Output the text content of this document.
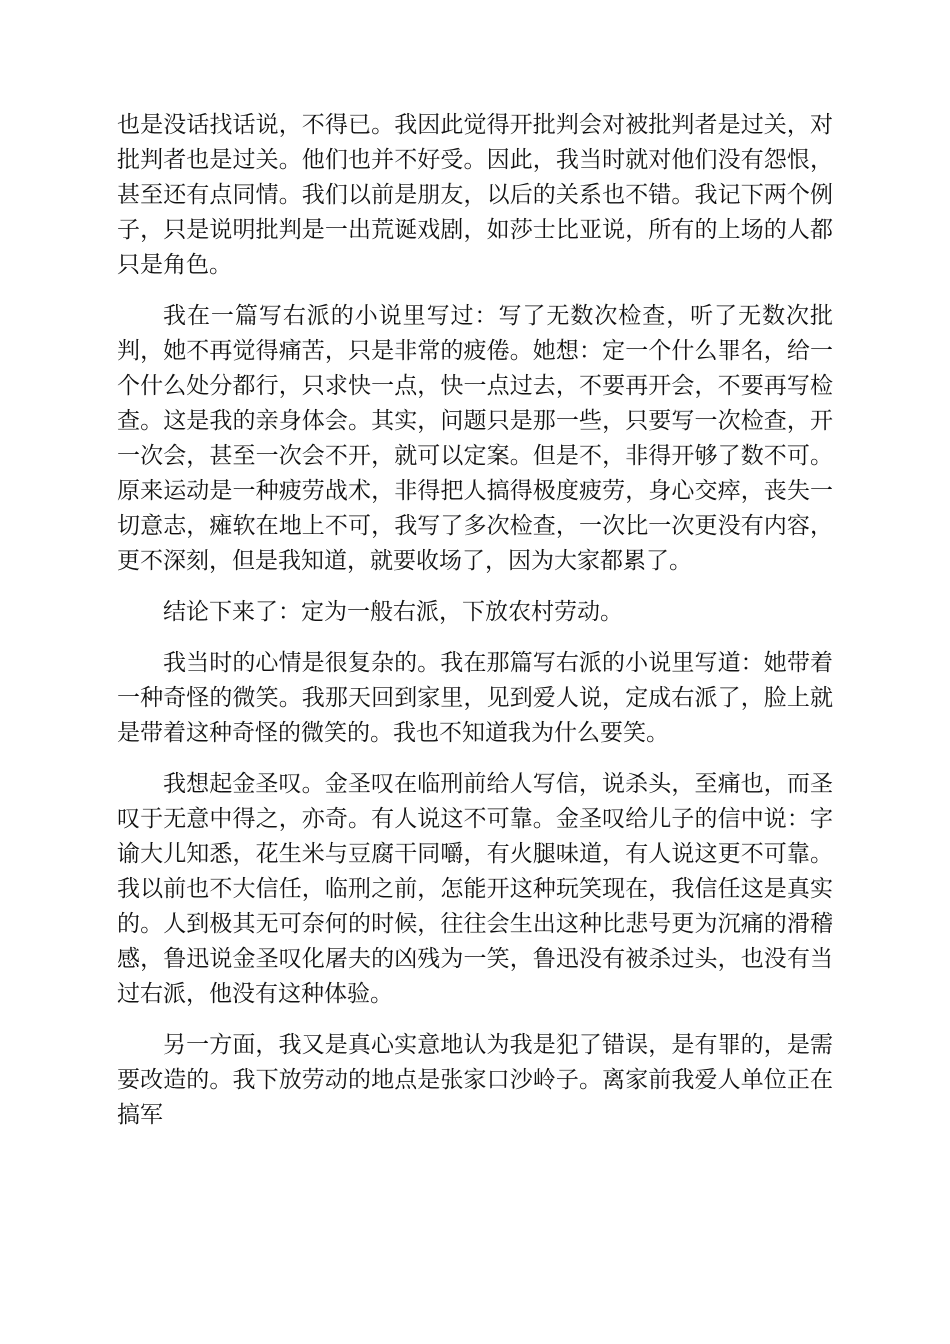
也是没话找话说，不得已。我因此觉得开批判会对被批判者是过关，对批判者也是过关。他们也并不好受。因此，我当时就对他们没有怨恨，甚至还有点同情。我们以前是朋友，以后的关系也不错。我记下两个例子，只是说明批判是一出荒诞戏剧，如莎士比亚说，所有的上场的人都只是角色。

我在一篇写右派的小说里写过：写了无数次检查，听了无数次批判，她不再觉得痛苦，只是非常的疲倦。她想：定一个什么罪名，给一个什么处分都行，只求快一点，快一点过去，不要再开会，不要再写检查。这是我的亲身体会。其实，问题只是那一些，只要写一次检查，开一次会，甚至一次会不开，就可以定案。但是不，非得开够了数不可。原来运动是一种疲劳战术，非得把人搞得极度疲劳，身心交瘁，丧失一切意志，瘫软在地上不可，我写了多次检查，一次比一次更没有内容，更不深刻，但是我知道，就要收场了，因为大家都累了。

结论下来了：定为一般右派，下放农村劳动。

我当时的心情是很复杂的。我在那篇写右派的小说里写道：她带着一种奇怪的微笑。我那天回到家里，见到爱人说，定成右派了，脸上就是带着这种奇怪的微笑的。我也不知道我为什么要笑。

我想起金圣叹。金圣叹在临刑前给人写信，说杀头，至痛也，而圣叹于无意中得之，亦奇。有人说这不可靠。金圣叹给儿子的信中说：字谕大儿知悉，花生米与豆腐干同嚼，有火腿味道，有人说这更不可靠。我以前也不大信任，临刑之前，怎能开这种玩笑现在，我信任这是真实的。人到极其无可奈何的时候，往往会生出这种比悲号更为沉痛的滑稽感，鲁迅说金圣叹化屠夫的凶残为一笑，鲁迅没有被杀过头，也没有当过右派，他没有这种体验。

另一方面，我又是真心实意地认为我是犯了错误，是有罪的，是需要改造的。我下放劳动的地点是张家口沙岭子。离家前我爱人单位正在搞军
